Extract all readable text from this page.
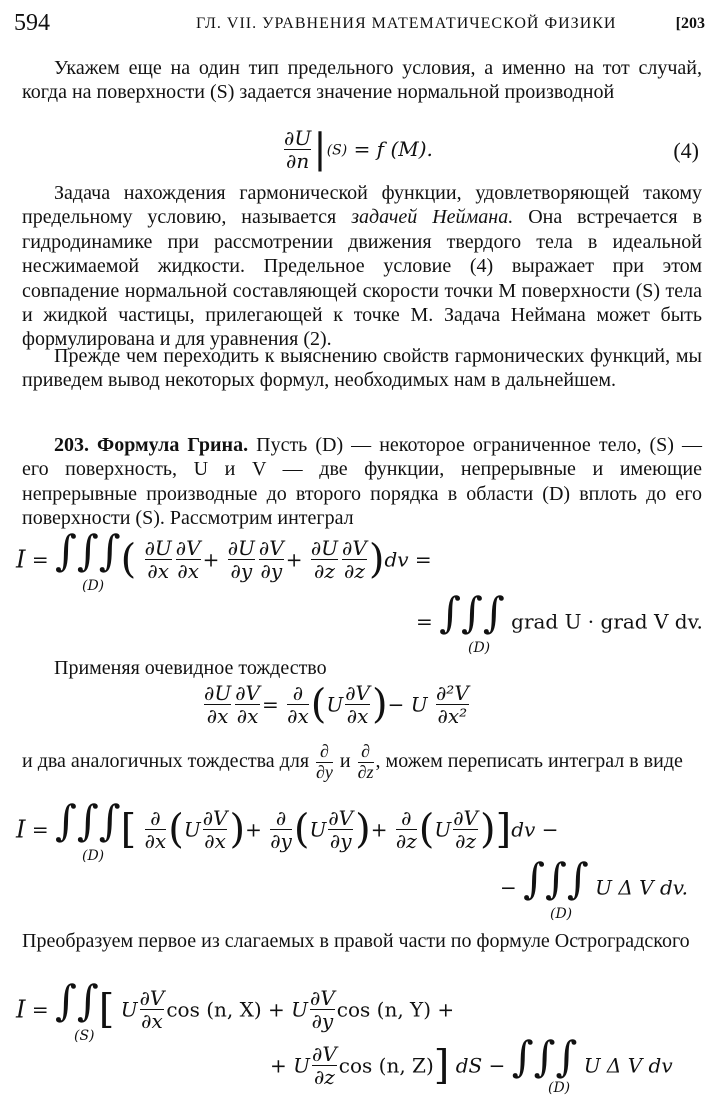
594	ГЛ. VII. УРАВНЕНИЯ МАТЕМАТИЧЕСКОЙ ФИЗИКИ	[203

Укажем еще на один тип предельного условия, а именно на тот случай, когда на поверхности (S) задается значение нормальной производной

$\frac{\partial U}{\partial n} |(S) = f$ (M).	(4)

Задача нахождения гармонической функции, удовлетворяющей такому предельному условию, называется задачей Неймана. Она встречается в гидродинамике при рассмотрении движения твердого тела в идеальной несжимаемой жидкости. Предельное условие (4) выражает при этом совпадение нормальной составляющей скорости точки M поверхности (S) тела и жидкой частицы, прилегающей к точке M. Задача Неймана может быть формулирована и для уравнения (2).

Прежде чем переходить к выяснению свойств гармонических функций, мы приведем вывод некоторых формул, необходимых нам в дальнейшем.

203. Формула Грина. Пусть (D) — некоторое ограниченное тело, (S) — его поверхность, U и V — две функции, непрерывные и имеющие непрерывные производные до второго порядка в области (D) вплоть до его поверхности (S). Рассмотрим интеграл

I = ∫∫∫( $\frac{\partial U}{\partial x} \frac{\partial V}{\partial x} + \frac{\partial U}{\partial y} \frac{\partial V}{\partial y} + \frac{\partial U}{\partial z} \frac{\partial V}{\partial z} )dv$ =
(D)
= ∫∫∫ grad U · grad V dv.
(D)

Применяя очевидное тождество

$\frac{\partial U}{\partial x} \frac{\partial V}{\partial x}$ = ∂
∂x ($U \frac{\partial V}{\partial x}$ )− U $\frac{\text{∂²V}}{\text{∂x²}}$
и два аналогичных тождества для ∂
∂y и ∂
∂z , можем переписать интеграл в виде
I = ∫∫∫[ ∂
∂x ($U \frac{\partial V}{\partial x}$ )+ ∂
∂y ($U \frac{\partial V}{\partial y}$ )+ ∂
∂z $(U \frac{\partial V}{\partial z} )]dv$ −
(D)
− ∫∫∫ U Δ V dv.
(D)

Преобразуем первое из слагаемых в правой части по формуле Остроградского

I = ∫∫[ U $\frac{\partial V}{\partial x}$ cos (n, X) + U $\frac{\partial V}{\partial y}$ cos (n, Y) +
(S)
+ U $\frac{\partial V}{\partial z}$ cos (n, Z)] dS − ∫∫∫ U Δ V dv
(D)
